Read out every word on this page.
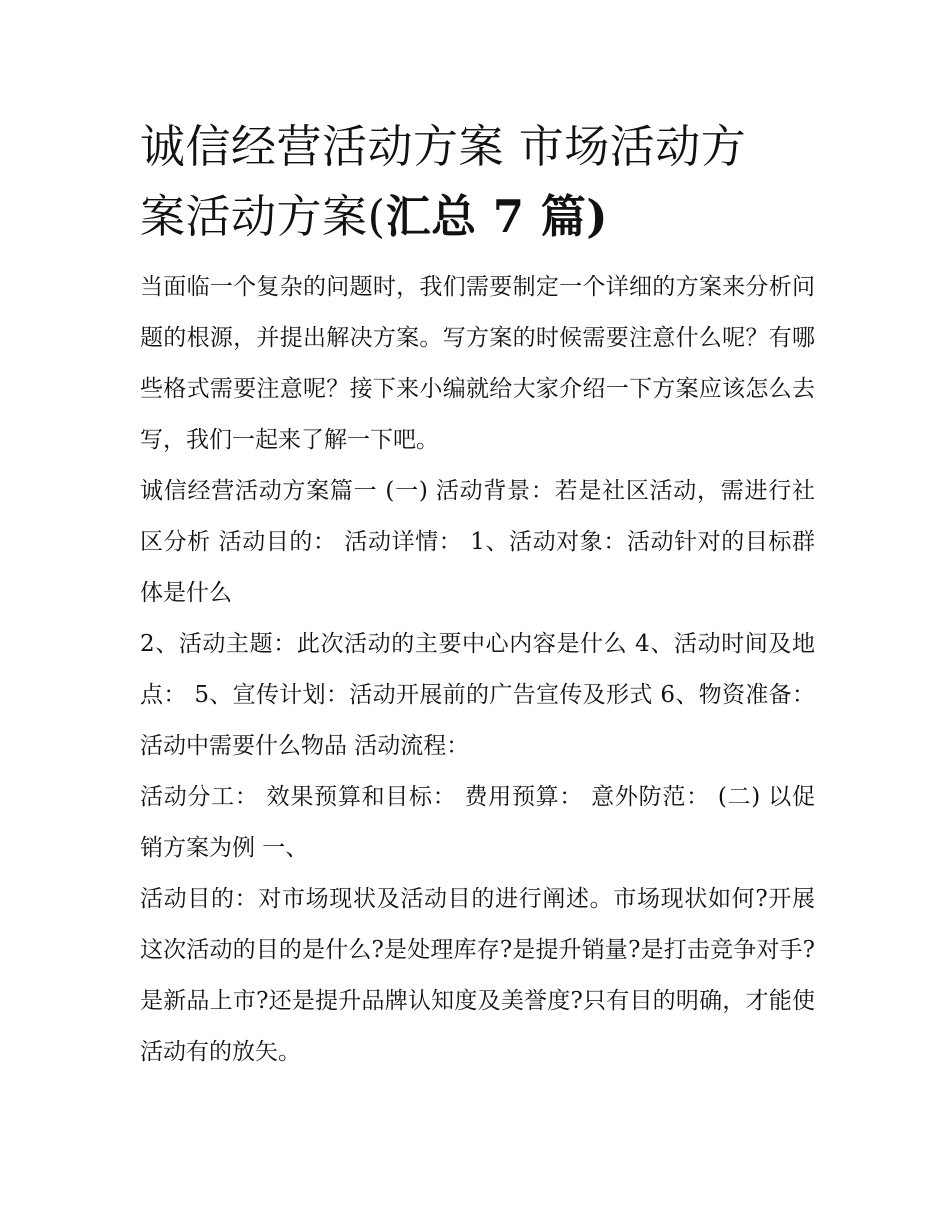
诚信经营活动方案 市场活动方
案活动方案(汇总 7 篇)

当面临一个复杂的问题时，我们需要制定一个详细的方案来分析问题的根源，并提出解决方案。写方案的时候需要注意什么呢？有哪些格式需要注意呢？接下来小编就给大家介绍一下方案应该怎么去写，我们一起来了解一下吧。

诚信经营活动方案篇一 (一) 活动背景：若是社区活动，需进行社区分析 活动目的： 活动详情： 1、活动对象：活动针对的目标群体是什么

2、活动主题：此次活动的主要中心内容是什么 4、活动时间及地点： 5、宣传计划：活动开展前的广告宣传及形式 6、物资准备：活动中需要什么物品 活动流程：

活动分工： 效果预算和目标： 费用预算： 意外防范： (二) 以促销方案为例 一、

活动目的：对市场现状及活动目的进行阐述。市场现状如何?开展这次活动的目的是什么?是处理库存?是提升销量?是打击竞争对手?是新品上市?还是提升品牌认知度及美誉度?只有目的明确，才能使活动有的放矢。
